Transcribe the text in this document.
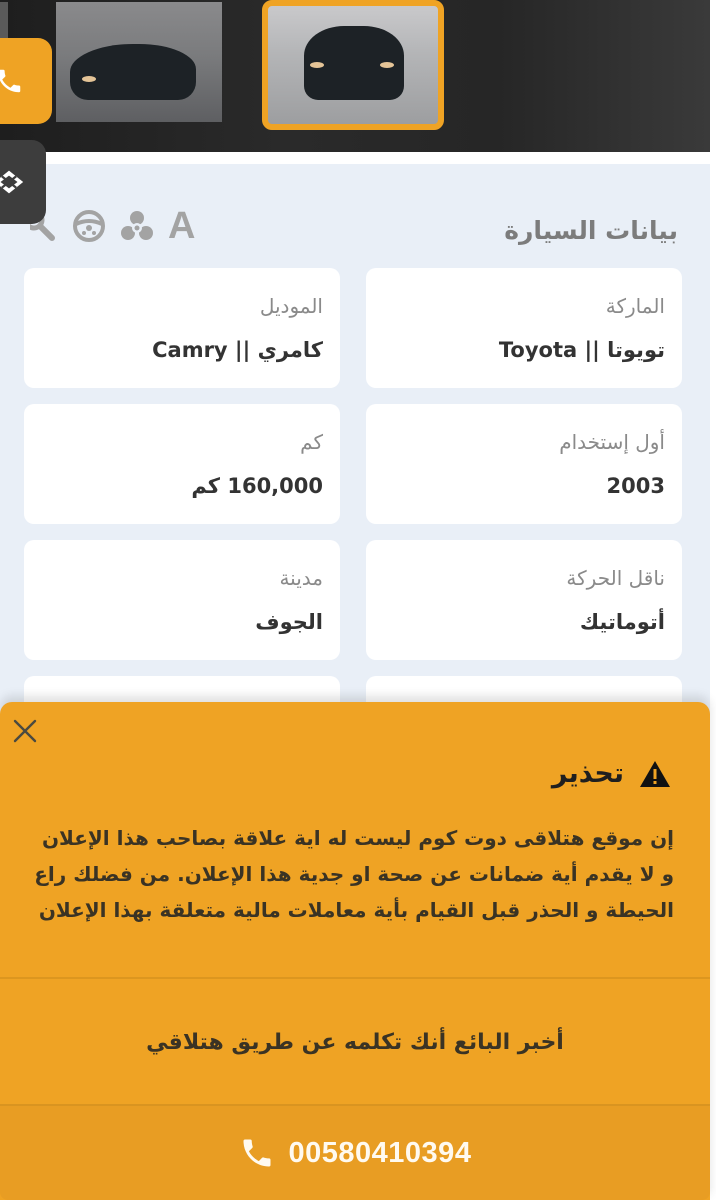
بيانات السيارة
A
الماركة
تويوتا || Toyota
الموديل
كامري || Camry
أول إستخدام
2003
كم
160,000 كم
ناقل الحركة
أتوماتيك
مدينة
الجوف
تحذير
إن موقع هتلاقى دوت كوم ليست له اية علاقة بصاحب هذا الإعلان و لا يقدم أية ضمانات عن صحة او جدية هذا الإعلان. من فضلك راع الحيطة و الحذر قبل القيام بأية معاملات مالية متعلقة بهذا الإعلان
أخبر البائع أنك تكلمه عن طريق هتلاقي
00580410394
